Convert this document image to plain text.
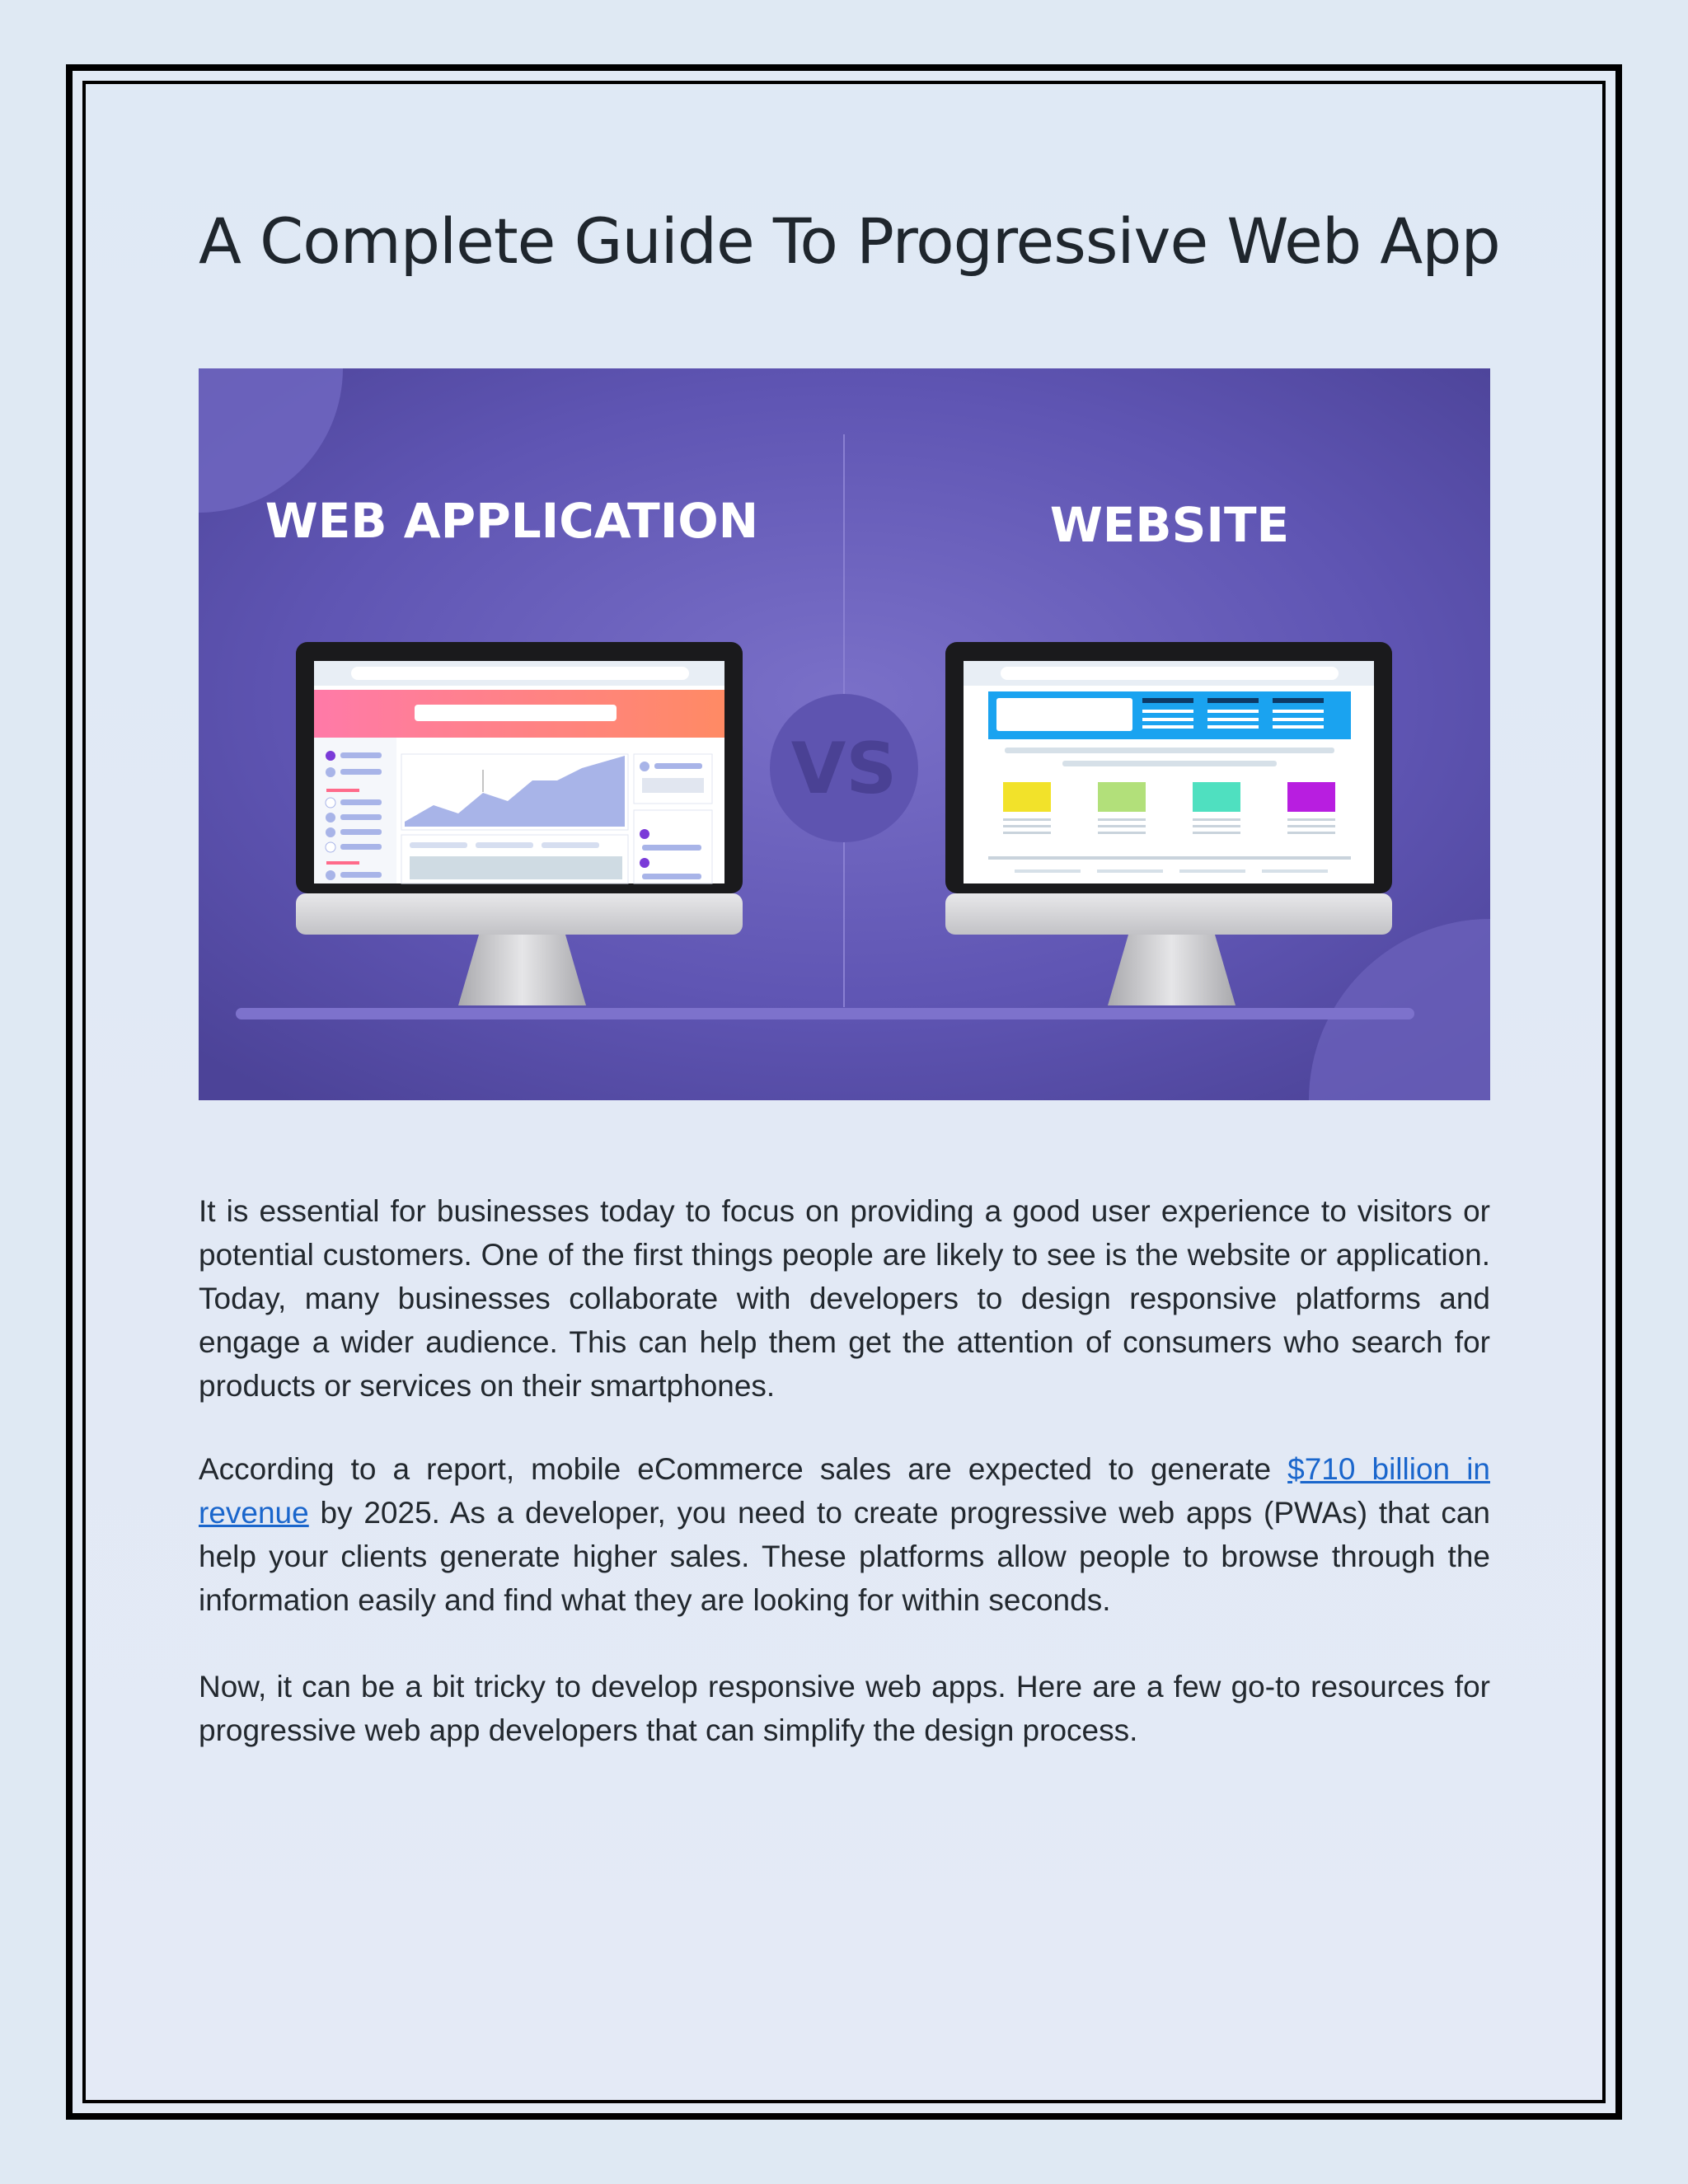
A Complete Guide To Progressive Web App
WEB APPLICATION	WEBSITE
VS

It is essential for businesses today to focus on providing a good user experience to visitors or potential customers. One of the first things people are likely to see is the website or application. Today, many businesses collaborate with developers to design responsive platforms and engage a wider audience. This can help them get the attention of consumers who search for products or services on their smartphones.

According to a report, mobile eCommerce sales are expected to generate $710 billion in revenue by 2025. As a developer, you need to create progressive web apps (PWAs) that can help your clients generate higher sales. These platforms allow people to browse through the information easily and find what they are looking for within seconds.

Now, it can be a bit tricky to develop responsive web apps. Here are a few go-to resources for progressive web app developers that can simplify the design process.
